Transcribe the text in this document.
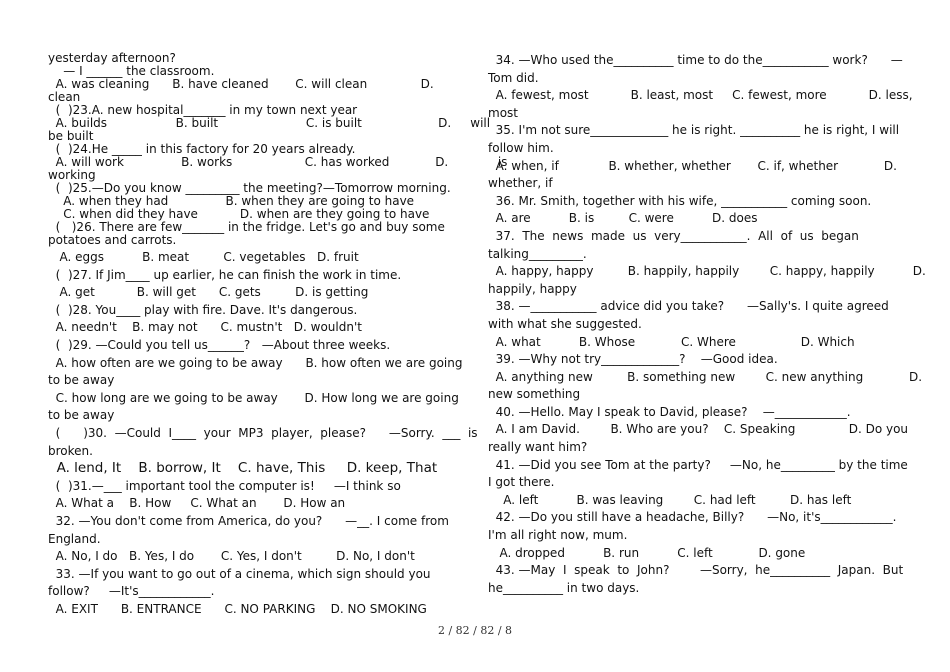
yesterday afternoon?
— I ______ the classroom.
A. was cleaning      B. have cleaned       C. will clean              D.
clean
(  )23.A. new hospital_______ in my town next year
A. builds                  B. built                       C. is built                    D.     will
be built
(  )24.He _____ in this factory for 20 years already.
A. will work               B. works                   C. has worked            D.             is
working
(  )25.—Do you know _________ the meeting?—Tomorrow morning.
A. when they had               B. when they are going to have
C. when did they have           D. when are they going to have
(   )26. There are few_______ in the fridge. Let's go and buy some
potatoes and carrots.
A. eggs          B. meat         C. vegetables   D. fruit
(  )27. If Jim____ up earlier, he can finish the work in time.
A. get           B. will get      C. gets         D. is getting
(  )28. You____ play with fire. Dave. It's dangerous.
A. needn't    B. may not      C. mustn't   D. wouldn't
(  )29. —Could you tell us______?   —About three weeks.
A. how often are we going to be away      B. how often we are going
to be away
C. how long are we going to be away       D. How long we are going
to be away
(      )30.  —Could  I____  your  MP3  player,  please?      —Sorry.  ___  is
broken.
A. lend, It    B. borrow, It    C. have, This     D. keep, That
(  )31.—___ important tool the computer is!     —I think so
A. What a    B. How     C. What an       D. How an
32. —You don't come from America, do you?      —__. I come from
England.
A. No, I do   B. Yes, I do       C. Yes, I don't         D. No, I don't
33. —If you want to go out of a cinema, which sign should you
follow?     —It's____________.
A. EXIT      B. ENTRANCE      C. NO PARKING    D. NO SMOKING
34. —Who used the__________ time to do the___________ work?      —
Tom did.
A. fewest, most           B. least, most     C. fewest, more           D. less,
most
35. I'm not sure_____________ he is right. __________ he is right, I will
follow him.
A. when, if             B. whether, whether       C. if, whether            D.
whether, if
36. Mr. Smith, together with his wife, ___________ coming soon.
A. are          B. is         C. were          D. does
37.  The  news  made  us  very___________.  All  of  us  began
talking_________.
A. happy, happy         B. happily, happily        C. happy, happily          D.
happily, happy
38. —___________ advice did you take?      —Sally's. I quite agreed
with what she suggested.
A. what          B. Whose            C. Where                 D. Which
39. —Why not try_____________?    —Good idea.
A. anything new         B. something new        C. new anything            D.
new something
40. —Hello. May I speak to David, please?    —____________.
A. I am David.        B. Who are you?    C. Speaking              D. Do you
really want him?
41. —Did you see Tom at the party?     —No, he_________ by the time
I got there.
A. left          B. was leaving        C. had left         D. has left
42. —Do you still have a headache, Billy?      —No, it's____________.
I'm all right now, mum.
A. dropped          B. run          C. left            D. gone
43. —May  I  speak  to  John?        —Sorry,  he__________  Japan.  But
he__________ in two days.
2 / 82 / 82 / 8
